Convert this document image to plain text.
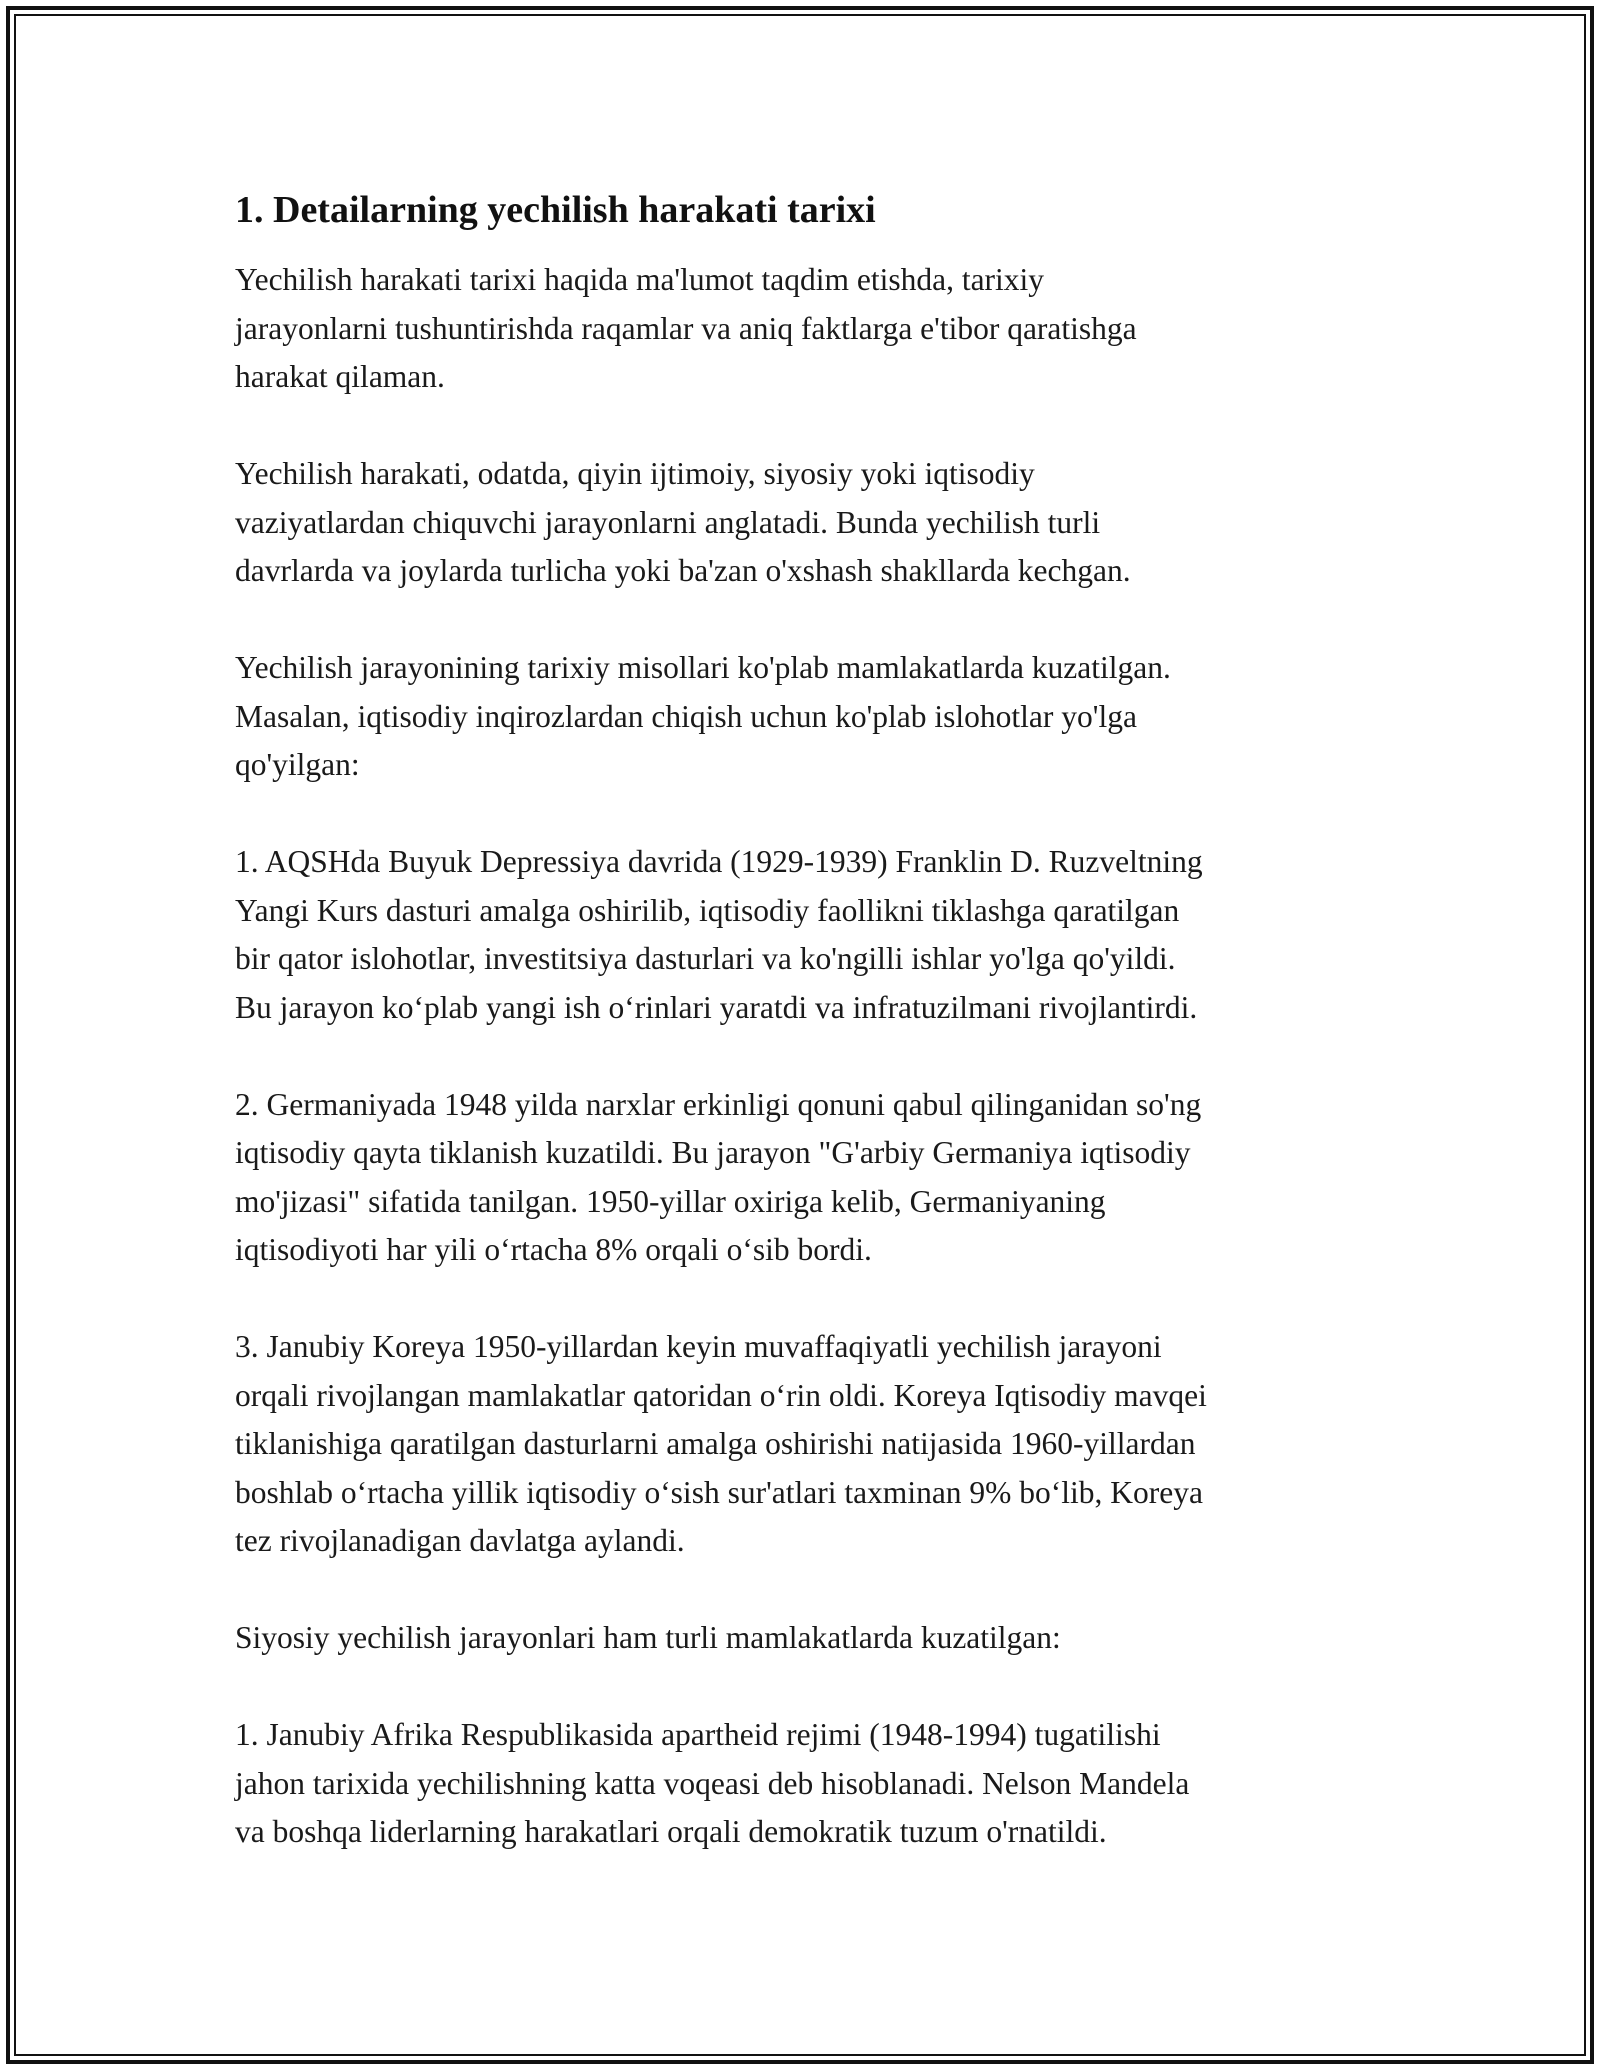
1. Detailarning yechilish harakati tarixi

Yechilish harakati tarixi haqida ma'lumot taqdim etishda, tarixiy
jarayonlarni tushuntirishda raqamlar va aniq faktlarga e'tibor qaratishga
harakat qilaman.

Yechilish harakati, odatda, qiyin ijtimoiy, siyosiy yoki iqtisodiy
vaziyatlardan chiquvchi jarayonlarni anglatadi. Bunda yechilish turli
davrlarda va joylarda turlicha yoki ba'zan o'xshash shakllarda kechgan.

Yechilish jarayonining tarixiy misollari ko'plab mamlakatlarda kuzatilgan.
Masalan, iqtisodiy inqirozlardan chiqish uchun ko'plab islohotlar yo'lga
qo'yilgan:

1. AQSHda Buyuk Depressiya davrida (1929-1939) Franklin D. Ruzveltning
Yangi Kurs dasturi amalga oshirilib, iqtisodiy faollikni tiklashga qaratilgan
bir qator islohotlar, investitsiya dasturlari va ko'ngilli ishlar yo'lga qo'yildi.
Bu jarayon koʻplab yangi ish oʻrinlari yaratdi va infratuzilmani rivojlantirdi.

2. Germaniyada 1948 yilda narxlar erkinligi qonuni qabul qilinganidan so'ng
iqtisodiy qayta tiklanish kuzatildi. Bu jarayon "G'arbiy Germaniya iqtisodiy
mo'jizasi" sifatida tanilgan. 1950-yillar oxiriga kelib, Germaniyaning
iqtisodiyoti har yili oʻrtacha 8% orqali oʻsib bordi.

3. Janubiy Koreya 1950-yillardan keyin muvaffaqiyatli yechilish jarayoni
orqali rivojlangan mamlakatlar qatoridan oʻrin oldi. Koreya Iqtisodiy mavqei
tiklanishiga qaratilgan dasturlarni amalga oshirishi natijasida 1960-yillardan
boshlab oʻrtacha yillik iqtisodiy oʻsish sur'atlari taxminan 9% boʻlib, Koreya
tez rivojlanadigan davlatga aylandi.

Siyosiy yechilish jarayonlari ham turli mamlakatlarda kuzatilgan:

1. Janubiy Afrika Respublikasida apartheid rejimi (1948-1994) tugatilishi
jahon tarixida yechilishning katta voqeasi deb hisoblanadi. Nelson Mandela
va boshqa liderlarning harakatlari orqali demokratik tuzum o'rnatildi.
